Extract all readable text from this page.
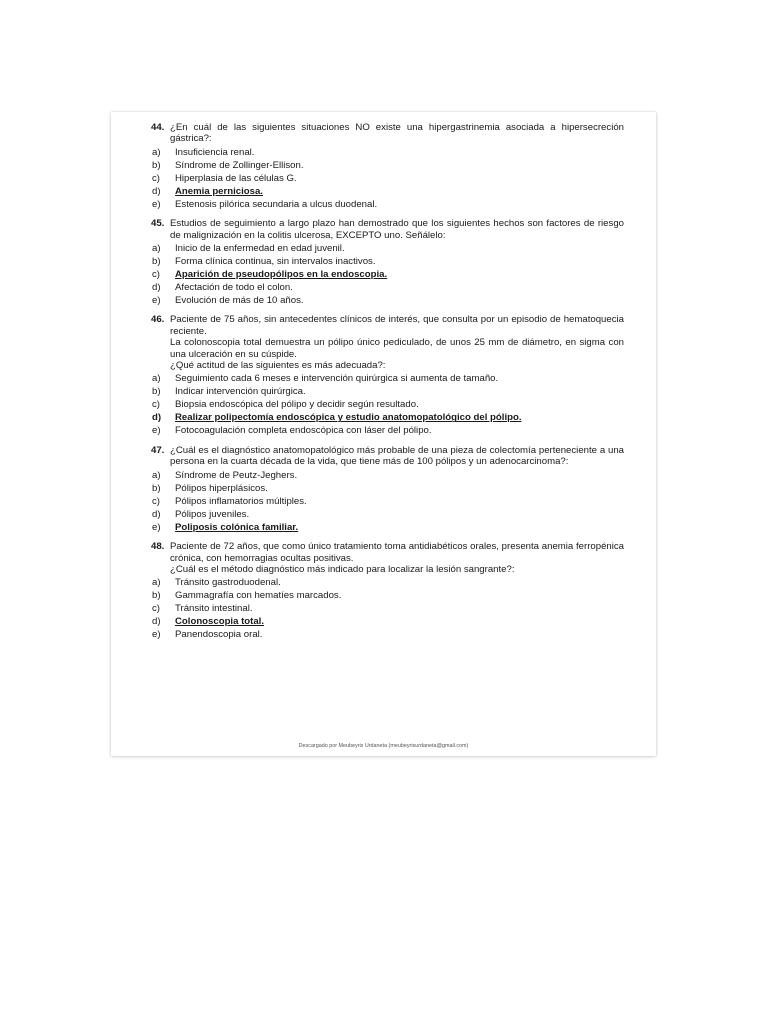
44. ¿En cuál de las siguientes situaciones NO existe una hipergastrinemia asociada a hipersecreción gástrica?:
a)	Insuficiencia renal.
b)	Síndrome de Zollinger-Ellison.
c)	Hiperplasia de las células G.
d)	Anemia perniciosa.
e)	Estenosis pilórica secundaria a ulcus duodenal.
45. Estudios de seguimiento a largo plazo han demostrado que los siguientes hechos son factores de riesgo de malignización en la colitis ulcerosa, EXCEPTO uno. Señálelo:
a)	Inicio de la enfermedad en edad juvenil.
b)	Forma clínica continua, sin intervalos inactivos.
c)	Aparición de pseudopólipos en la endoscopia.
d)	Afectación de todo el colon.
e)	Evolución de más de 10 años.
46. Paciente de 75 años, sin antecedentes clínicos de interés, que consulta por un episodio de hematoquecia reciente.
La colonoscopia total demuestra un pólipo único pediculado, de unos 25 mm de diámetro, en sigma con una ulceración en su cúspide.
¿Qué actitud de las siguientes es más adecuada?:
a)	Seguimiento cada 6 meses e intervención quirúrgica si aumenta de tamaño.
b)	Indicar intervención quirúrgica.
c)	Biopsia endoscópica del pólipo y decidir según resultado.
d)	Realizar polipectomía endoscópica y estudio anatomopatológico del pólipo.
e)	Fotocoagulación completa endoscópica con láser del pólipo.
47. ¿Cuál es el diagnóstico anatomopatológico más probable de una pieza de colectomía perteneciente a una persona en la cuarta década de la vida, que tiene más de 100 pólipos y un adenocarcinoma?:
a)	Síndrome de Peutz-Jeghers.
b)	Pólipos hiperplásicos.
c)	Pólipos inflamatorios múltiples.
d)	Pólipos juveniles.
e)	Poliposis colónica familiar.
48. Paciente de 72 años, que como único tratamiento toma antidiabéticos orales, presenta anemia ferropénica crónica, con hemorragias ocultas positivas.
¿Cuál es el método diagnóstico más indicado para localizar la lesión sangrante?:
a)	Tránsito gastroduodenal.
b)	Gammagrafía con hematíes marcados.
c)	Tránsito intestinal.
d)	Colonoscopia total.
e)	Panendoscopia oral.
Descargado por Meubeyris Urdaneta (meubeyrisurdaneta@gmail.com)
